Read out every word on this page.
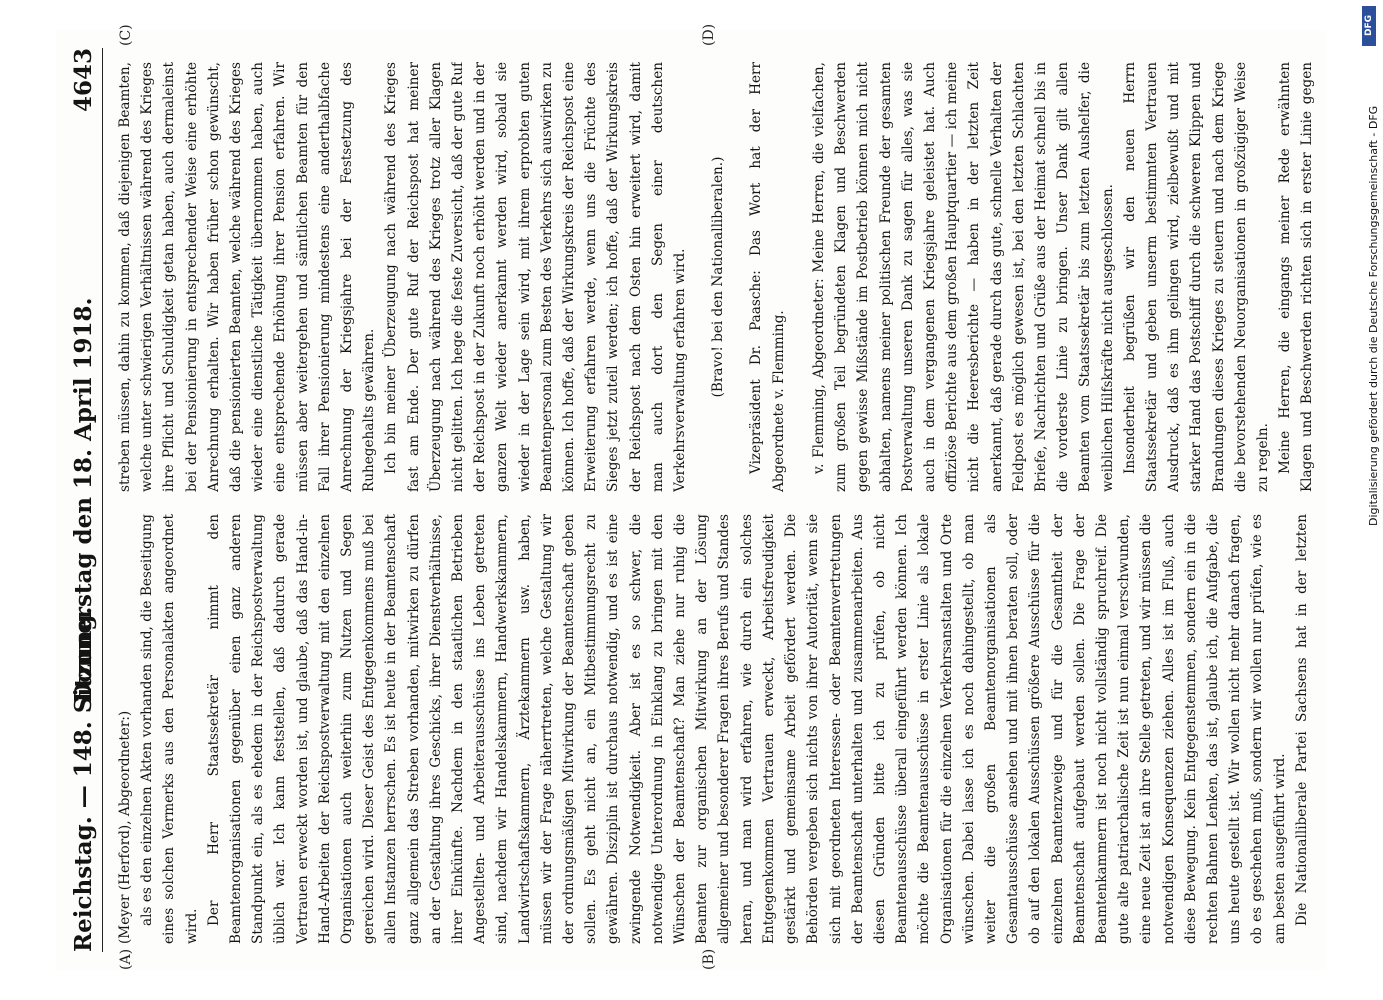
Reichstag. — 148. Sitzung.
Donnerstag den 18. April 1918.
4643
(A)	(B)
(C)	(D)

(Meyer (Herford), Abgeordneter:) als es den einzelnen Akten vorhanden sind, die Beseitigung eines solchen Vermerks aus den Personalakten angeordnet wird.

Der Herr Staatssekretär nimmt den Beamtenorganisationen gegenüber einen ganz anderen Standpunkt ein, als es ehedem in der Reichspostverwaltung üblich war. Ich kann feststellen, daß dadurch gerade Vertrauen erweckt worden ist, und glaube, daß das Hand-in-Hand-Arbeiten der Reichspostverwaltung mit den einzelnen Organisationen auch weiterhin zum Nutzen und Segen gereichen wird. Dieser Geist des Entgegenkommens muß bei allen Instanzen herrschen. Es ist heute in der Beamtenschaft ganz allgemein das Streben vorhanden, mitwirken zu dürfen an der Gestaltung ihres Geschicks, ihrer Dienstverhältnisse, ihrer Einkünfte. Nachdem in den staatlichen Betrieben Angestellten- und Arbeiterausschüsse ins Leben getreten sind, nachdem wir Handelskammern, Handwerkskammern, Landwirtschaftskammern, Ärztekammern usw. haben, müssen wir der Frage näherrtreten, welche Gestaltung wir der ordnungsmäßigen Mitwirkung der Beamtenschaft geben sollen. Es geht nicht an, ein Mitbestimmungsrecht zu gewähren. Disziplin ist durchaus notwendig, und es ist eine zwingende Notwendigkeit. Aber ist es so schwer, die notwendige Unterordnung in Einklang zu bringen mit den Wünschen der Beamtenschaft? Man ziehe nur ruhig die Beamten zur organischen Mitwirkung an der Lösung allgemeiner und besonderer Fragen ihres Berufs und Standes heran, und man wird erfahren, wie durch ein solches Entgegenkommen Vertrauen erweckt, Arbeitsfreudigkeit gestärkt und gemeinsame Arbeit gefördert werden. Die Behörden vergeben sich nichts von ihrer Autorität, wenn sie sich mit geordneten Interessen- oder Beamtenvertretungen der Beamtenschaft unterhalten und zusammenarbeiten. Aus diesen Gründen bitte ich zu prüfen, ob nicht Beamtenausschüsse überall eingeführt werden können. Ich möchte die Beamtenausschüsse in erster Linie als lokale Organisationen für die einzelnen Verkehrsanstalten und Orte wünschen. Dabei lasse ich es noch dahingestellt, ob man weiter die großen Beamtenorganisationen als Gesamtausschüsse ansehen und mit ihnen beraten soll, oder ob auf den lokalen Ausschüssen größere Ausschüsse für die einzelnen Beamtenzweige und für die Gesamtheit der Beamtenschaft aufgebaut werden sollen. Die Frage der Beamtenkammern ist noch nicht vollständig spruchreif. Die gute alte patriarchalische Zeit ist nun einmal verschwunden, eine neue Zeit ist an ihre Stelle getreten, und wir müssen die notwendigen Konsequenzen ziehen. Alles ist im Fluß, auch diese Bewegung. Kein Entgegenstemmen, sondern ein in die rechten Bahnen Lenken, das ist, glaube ich, die Aufgabe, die uns heute gestellt ist. Wir wollen nicht mehr danach fragen, ob es geschehen muß, sondern wir wollen nur prüfen, wie es am besten ausgeführt wird. Die Nationalliberale Partei Sachsens hat in der letzten

streben müssen, dahin zu kommen, daß diejenigen Beamten, welche unter schwierigen Verhältnissen während des Krieges ihre Pflicht und Schuldigkeit getan haben, auch dermaleinst bei der Pensionierung in entsprechender Weise eine erhöhte Anrechnung erhalten. Wir haben früher schon gewünscht, daß die pensionierten Beamten, welche während des Krieges wieder eine dienstliche Tätigkeit übernommen haben, auch eine entsprechende Erhöhung ihrer Pension erfahren. Wir müssen aber weitergehen und sämtlichen Beamten für den Fall ihrer Pensionierung mindestens eine anderthalbfache Anrechnung der Kriegsjahre bei der Festsetzung des Ruhegehalts gewähren. Ich bin meiner Überzeugung nach während des Krieges fast am Ende. Der gute Ruf der Reichspost hat meiner Überzeugung nach während des Krieges trotz aller Klagen nicht gelitten. Ich hege die feste Zuversicht, daß der gute Ruf der Reichspost in der Zukunft noch erhöht werden und in der ganzen Welt wieder anerkannt werden wird, sobald sie wieder in der Lage sein wird, mit ihrem erprobten guten Beamtenpersonal zum Besten des Verkehrs sich auswirken zu können. Ich hoffe, daß der Wirkungskreis der Reichspost eine Erweiterung erfahren werde, wenn uns die Früchte des Sieges jetzt zuteil werden; ich hoffe, daß der Wirkungskreis der Reichspost nach dem Osten hin erweitert wird, damit man auch dort den Segen einer deutschen Verkehrsverwaltung erfahren wird. (Bravo! bei den Nationalliberalen.) Vizepräsident Dr. Paasche: Das Wort hat der Herr Abgeordnete v. Flemming. v. Flemming, Abgeordneter: Meine Herren, die vielfachen, zum großen Teil begründeten Klagen und Beschwerden gegen gewisse Mißstände im Postbetrieb können mich nicht abhalten, namens meiner politischen Freunde der gesamten Postverwaltung unseren Dank zu sagen für alles, was sie auch in dem vergangenen Kriegsjahre geleistet hat. Auch offiziöse Berichte aus dem großen Hauptquartier — ich meine nicht die Heeresberichte — haben in der letzten Zeit anerkannt, daß gerade durch das gute, schnelle Verhalten der Feldpost es möglich gewesen ist, bei den letzten Schlachten Briefe, Nachrichten und Grüße aus der Heimat schnell bis in die vorderste Linie zu bringen. Unser Dank gilt allen Beamten vom Staatssekretär bis zum letzten Aushelfer, die weiblichen Hilfskräfte nicht ausgeschlossen. Insonderheit begrüßen wir den neuen Herrn Staatssekretär und geben unserm bestimmten Vertrauen Ausdruck, daß es ihm gelingen wird, zielbewußt und mit starker Hand das Postschiff durch die schweren Klippen und Brandungen dieses Krieges zu steuern und nach dem Kriege die bevorstehenden Neuorganisationen in großzügiger Weise zu regeln. Meine Herren, die eingangs meiner Rede erwähnten Klagen und Beschwerden richten sich in erster Linie gegen

Digitalisierung gefördert durch die Deutsche Forschungsgemeinschaft - DFG
DFG
